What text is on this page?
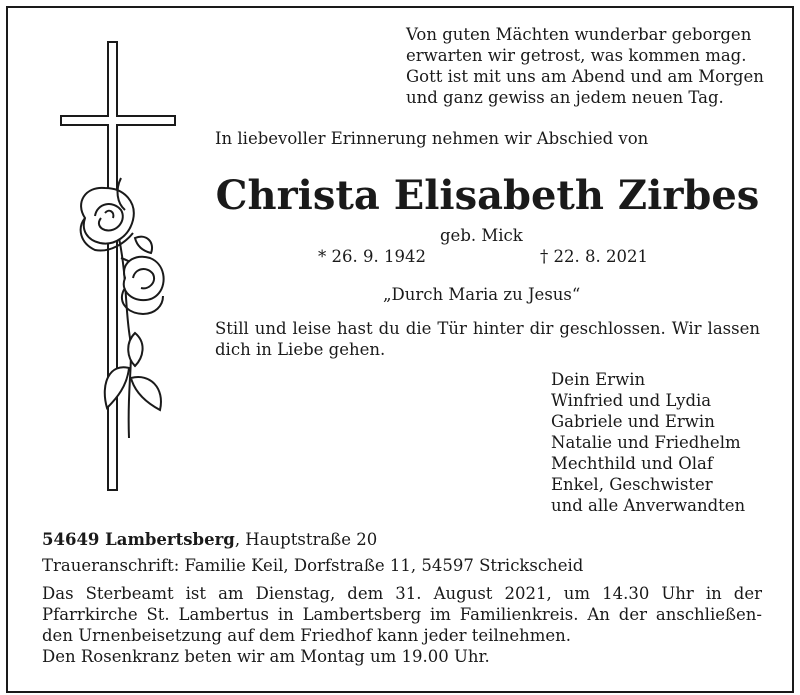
Von guten Mächten wunderbar geborgen
erwarten wir getrost, was kommen mag.
Gott ist mit uns am Abend und am Morgen
und ganz gewiss an jedem neuen Tag.
In liebevoller Erinnerung nehmen wir Abschied von
Christa Elisabeth Zirbes
geb. Mick
* 26. 9. 1942	† 22. 8. 2021
„Durch Maria zu Jesus“
Still und leise hast du die Tür hinter dir geschlossen. Wir lassen dich in Liebe gehen.
Dein Erwin
Winfried und Lydia
Gabriele und Erwin
Natalie und Friedhelm
Mechthild und Olaf
Enkel, Geschwister
und alle Anverwandten
54649 Lambertsberg, Hauptstraße 20
Traueranschrift: Familie Keil, Dorfstraße 11, 54597 Strickscheid
Das Sterbeamt ist am Dienstag, dem 31. August 2021, um 14.30 Uhr in der
Pfarrkirche St. Lambertus in Lambertsberg im Familienkreis. An der anschließen-
den Urnenbeisetzung auf dem Friedhof kann jeder teilnehmen.
Den Rosenkranz beten wir am Montag um 19.00 Uhr.
